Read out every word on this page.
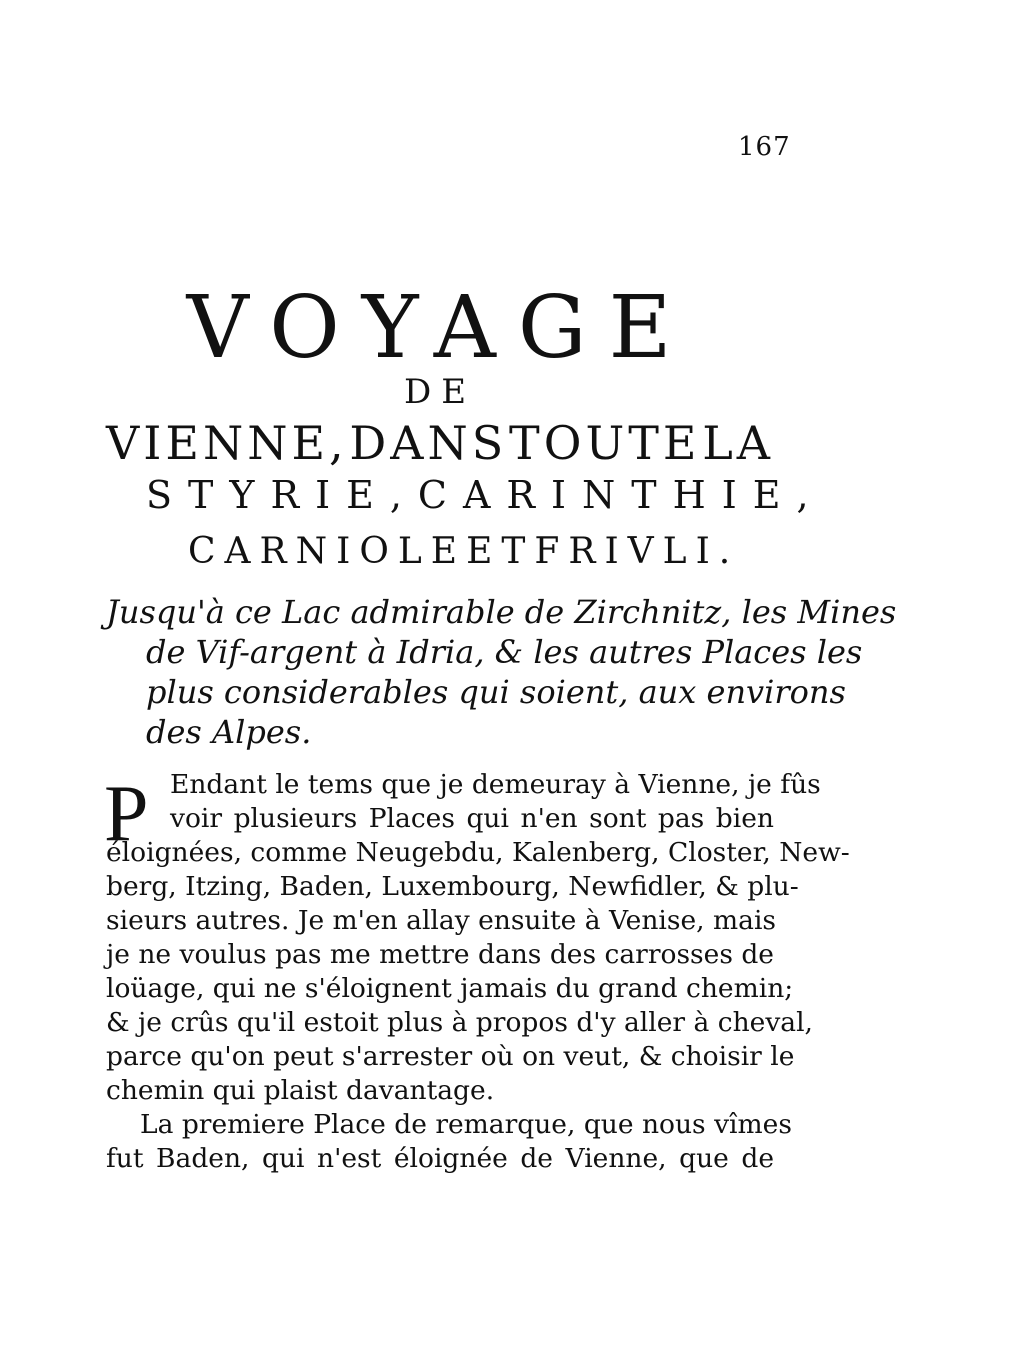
167
VOYAGE
DE
VIENNE, DANS TOUTE LA
STYRIE, CARINTHIE,
CARNIOLE ET FRIVLI.
Jusqu'à ce Lac admirable de Zirchnitz, les Mines
de Vif-argent à Idria, & les autres Places les
plus considerables qui soient, aux environs
des Alpes.
P Endant le tems que je demeuray à Vienne, je fûs
voir plusieurs Places qui n'en sont pas bien
éloignées, comme Neugebdu, Kalenberg, Closter, New-
berg, Itzing, Baden, Luxembourg, Newfidler, & plu-
sieurs autres. Je m'en allay ensuite à Venise, mais
je ne voulus pas me mettre dans des carrosses de
loüage, qui ne s'éloignent jamais du grand chemin;
& je crûs qu'il estoit plus à propos d'y aller à cheval,
parce qu'on peut s'arrester où on veut, & choisir le
chemin qui plaist davantage.
La premiere Place de remarque, que nous vîmes
fut Baden, qui n'est éloignée de Vienne, que de
